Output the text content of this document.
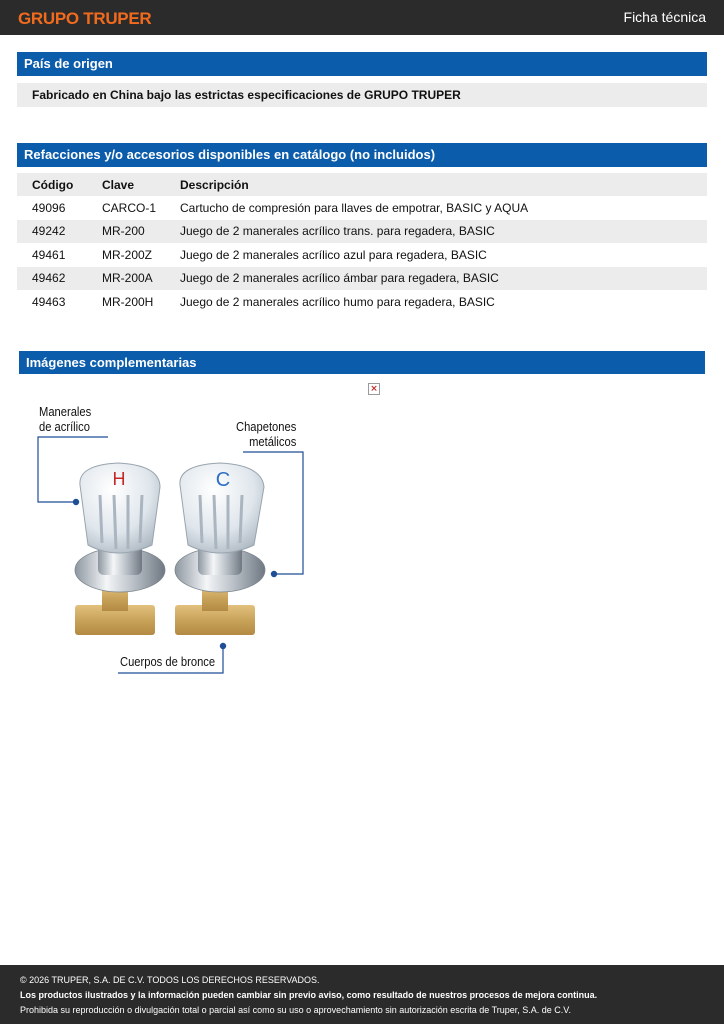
GRUPO TRUPER	Ficha técnica
País de origen
Fabricado en China bajo las estrictas especificaciones de GRUPO TRUPER
Refacciones y/o accesorios disponibles en catálogo (no incluidos)
Código	Clave	Descripción
49096	CARCO-1	Cartucho de compresión para llaves de empotrar, BASIC y AQUA
49242	MR-200	Juego de 2 manerales acrílico trans. para regadera, BASIC
49461	MR-200Z	Juego de 2 manerales acrílico azul para regadera, BASIC
49462	MR-200A	Juego de 2 manerales acrílico ámbar para regadera, BASIC
49463	MR-200H	Juego de 2 manerales acrílico humo para regadera, BASIC
Imágenes complementarias
×
H	C
Manerales
de acrílico	Chapetones
metálicos
Cuerpos de bronce
© 2026 TRUPER, S.A. DE C.V. TODOS LOS DERECHOS RESERVADOS.
Los productos ilustrados y la información pueden cambiar sin previo aviso, como resultado de nuestros procesos de mejora continua.
Prohibida su reproducción o divulgación total o parcial así como su uso o aprovechamiento sin autorización escrita de Truper, S.A. de C.V.
